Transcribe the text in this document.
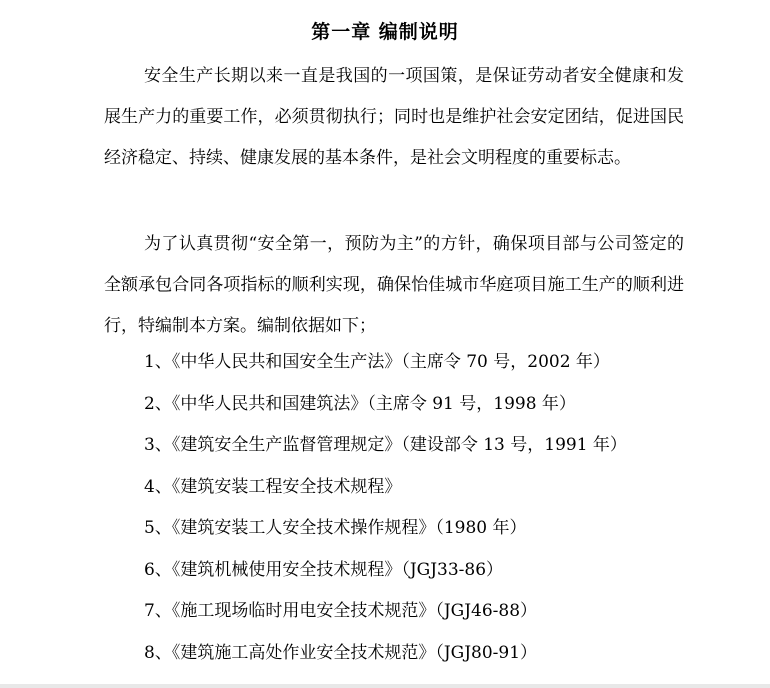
第一章 编制说明

安全生产长期以来一直是我国的一项国策，是保证劳动者安全健康和发展生产力的重要工作，必须贯彻执行；同时也是维护社会安定团结，促进国民经济稳定、持续、健康发展的基本条件，是社会文明程度的重要标志。

为了认真贯彻“安全第一，预防为主”的方针，确保项目部与公司签定的全额承包合同各项指标的顺利实现，确保怡佳城市华庭项目施工生产的顺利进行，特编制本方案。编制依据如下；

1、《中华人民共和国安全生产法》（主席令 70 号，2002 年）
2、《中华人民共和国建筑法》（主席令 91 号，1998 年）
3、《建筑安全生产监督管理规定》（建设部令 13 号，1991 年）
4、《建筑安装工程安全技术规程》
5、《建筑安装工人安全技术操作规程》（1980 年）
6、《建筑机械使用安全技术规程》（JGJ33-86）
7、《施工现场临时用电安全技术规范》（JGJ46-88）
8、《建筑施工高处作业安全技术规范》（JGJ80-91）
